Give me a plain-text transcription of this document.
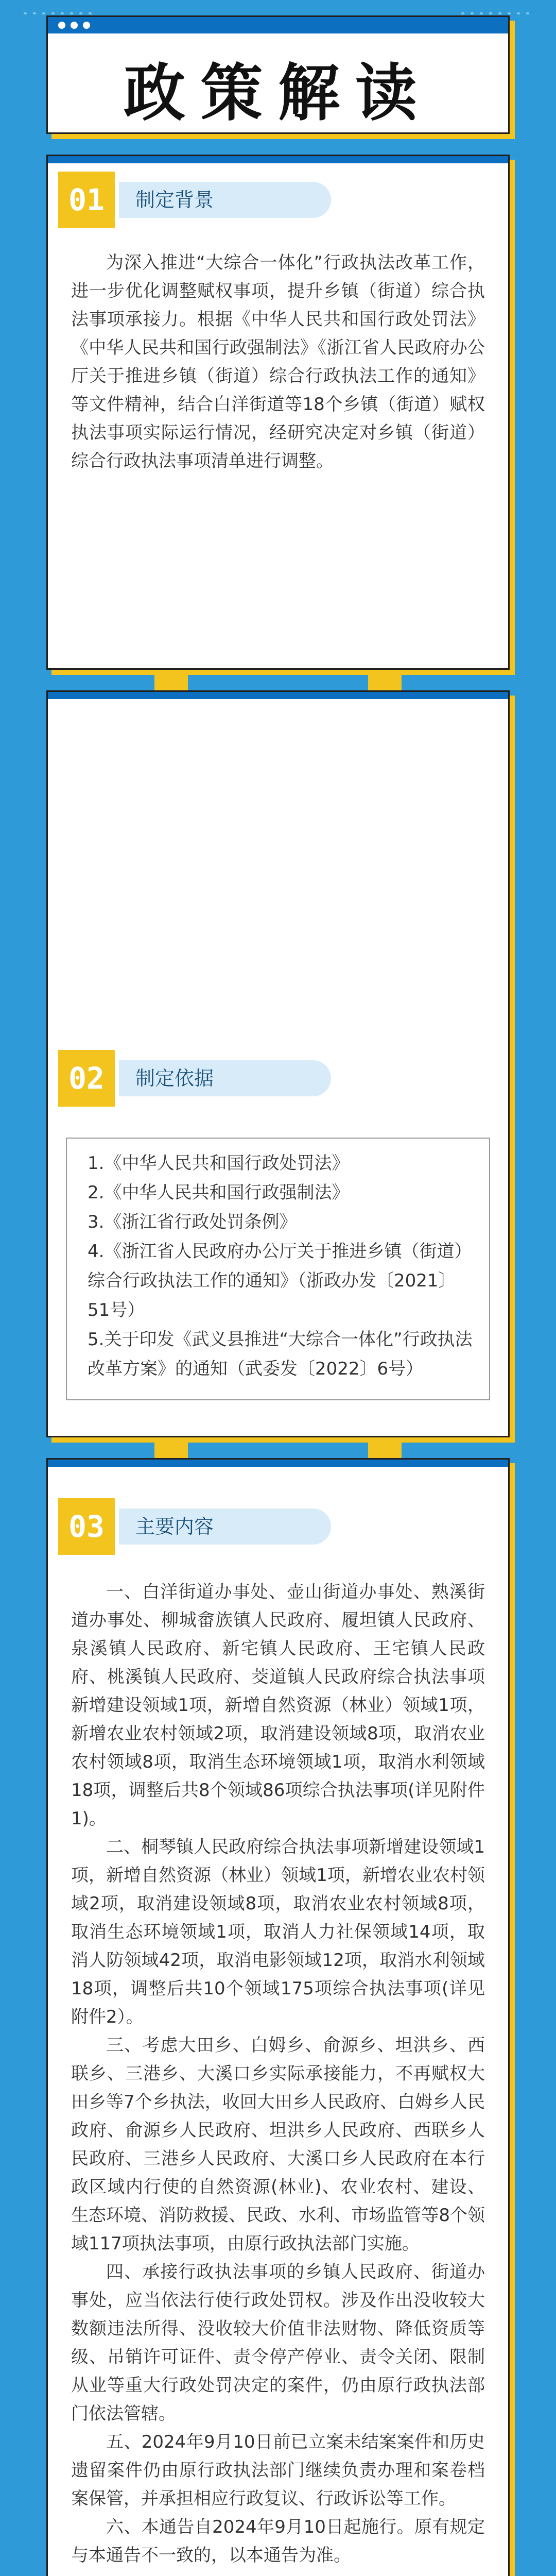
政策解读
01	制定背景

为深入推进“大综合一体化”行政执法改革工作，进一步优化调整赋权事项，提升乡镇（街道）综合执法事项承接力。根据《中华人民共和国行政处罚法》《中华人民共和国行政强制法》《浙江省人民政府办公厅关于推进乡镇（街道）综合行政执法工作的通知》等文件精神，结合白洋街道等18个乡镇（街道）赋权执法事项实际运行情况，经研究决定对乡镇（街道）综合行政执法事项清单进行调整。

02	制定依据
1.《中华人民共和国行政处罚法》
2.《中华人民共和国行政强制法》
3.《浙江省行政处罚条例》
4.《浙江省人民政府办公厅关于推进乡镇（街道）综合行政执法工作的通知》（浙政办发〔2021〕51号）
5.关于印发《武义县推进“大综合一体化”行政执法改革方案》的通知（武委发〔2022〕6号）
03	主要内容

一、白洋街道办事处、壶山街道办事处、熟溪街道办事处、柳城畲族镇人民政府、履坦镇人民政府、泉溪镇人民政府、新宅镇人民政府、王宅镇人民政府、桃溪镇人民政府、茭道镇人民政府综合执法事项新增建设领域1项，新增自然资源（林业）领域1项，新增农业农村领域2项，取消建设领域8项，取消农业农村领域8项，取消生态环境领域1项，取消水利领域18项，调整后共8个领域86项综合执法事项(详见附件1)。

二、桐琴镇人民政府综合执法事项新增建设领域1项，新增自然资源（林业）领域1项，新增农业农村领域2项，取消建设领域8项，取消农业农村领域8项，取消生态环境领域1项，取消人力社保领域14项，取消人防领域42项，取消电影领域12项，取消水利领域18项，调整后共10个领域175项综合执法事项(详见附件2）。

三、考虑大田乡、白姆乡、俞源乡、坦洪乡、西联乡、三港乡、大溪口乡实际承接能力，不再赋权大田乡等7个乡执法，收回大田乡人民政府、白姆乡人民政府、俞源乡人民政府、坦洪乡人民政府、西联乡人民政府、三港乡人民政府、大溪口乡人民政府在本行政区域内行使的自然资源(林业)、农业农村、建设、生态环境、消防救援、民政、水利、市场监管等8个领域117项执法事项，由原行政执法部门实施。

四、承接行政执法事项的乡镇人民政府、街道办事处，应当依法行使行政处罚权。涉及作出没收较大数额违法所得、没收较大价值非法财物、降低资质等级、吊销许可证件、责令停产停业、责令关闭、限制从业等重大行政处罚决定的案件，仍由原行政执法部门依法管辖。

五、2024年9月10日前已立案未结案案件和历史遗留案件仍由原行政执法部门继续负责办理和案卷档案保管，并承担相应行政复议、行政诉讼等工作。

六、本通告自2024年9月10日起施行。原有规定与本通告不一致的，以本通告为准。
